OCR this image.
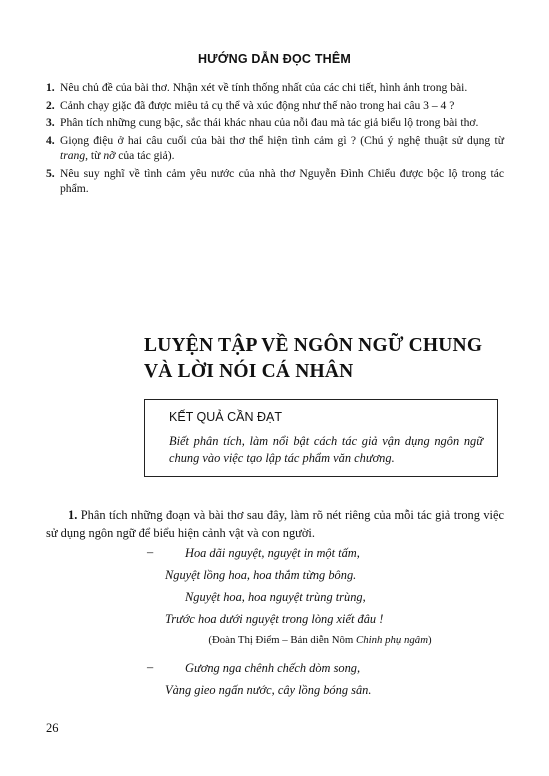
HƯỚNG DẪN ĐỌC THÊM
1. Nêu chủ đề của bài thơ. Nhận xét về tính thống nhất của các chi tiết, hình ảnh trong bài.
2. Cảnh chạy giặc đã được miêu tả cụ thể và xúc động như thế nào trong hai câu 3 – 4 ?
3. Phân tích những cung bậc, sắc thái khác nhau của nỗi đau mà tác giả biểu lộ trong bài thơ.
4. Giọng điệu ở hai câu cuối của bài thơ thể hiện tình cảm gì ? (Chú ý nghệ thuật sử dụng từ trang, từ nỡ của tác giả).
5. Nêu suy nghĩ về tình cảm yêu nước của nhà thơ Nguyễn Đình Chiểu được bộc lộ trong tác phẩm.
LUYỆN TẬP VỀ NGÔN NGỮ CHUNG
VÀ LỜI NÓI CÁ NHÂN
KẾT QUẢ CẦN ĐẠT
Biết phân tích, làm nổi bật cách tác giả vận dụng ngôn ngữ chung vào việc tạo lập tác phẩm văn chương.

1. Phân tích những đoạn và bài thơ sau đây, làm rõ nét riêng của mỗi tác giả trong việc sử dụng ngôn ngữ để biểu hiện cảnh vật và con người.

–	Hoa dãi nguyệt, nguyệt in một tấm,
Nguyệt lồng hoa, hoa thắm từng bông.
Nguyệt hoa, hoa nguyệt trùng trùng,
Trước hoa dưới nguyệt trong lòng xiết đâu !
(Đoàn Thị Điểm – Bản diễn Nôm Chinh phụ ngâm)
–	Gương nga chênh chếch dòm song,
Vàng gieo ngấn nước, cây lồng bóng sân.
26
